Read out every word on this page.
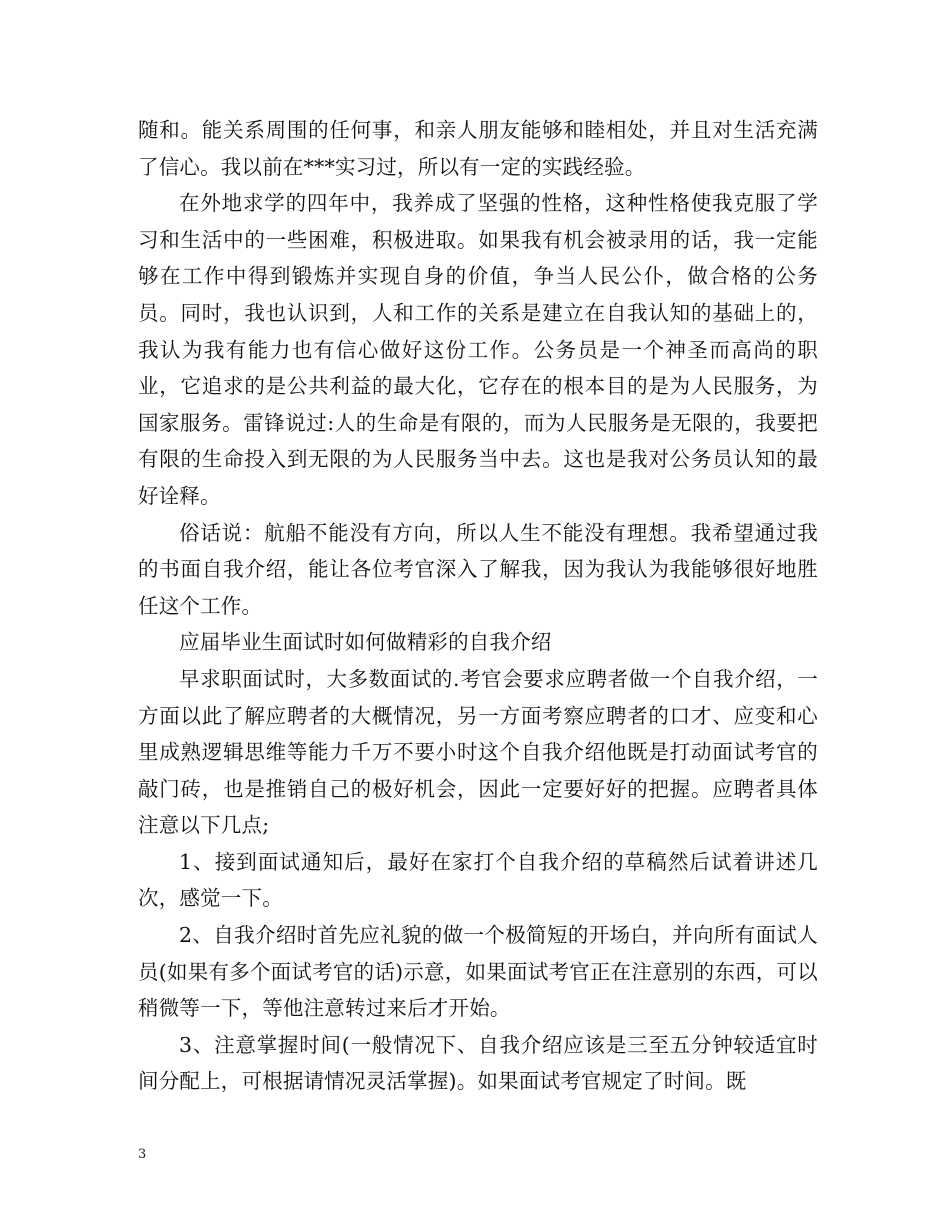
随和。能关系周围的任何事，和亲人朋友能够和睦相处，并且对生活充满了信心。我以前在***实习过，所以有一定的实践经验。

在外地求学的四年中，我养成了坚强的性格，这种性格使我克服了学习和生活中的一些困难，积极进取。如果我有机会被录用的话，我一定能够在工作中得到锻炼并实现自身的价值，争当人民公仆，做合格的公务员。同时，我也认识到，人和工作的关系是建立在自我认知的基础上的，我认为我有能力也有信心做好这份工作。公务员是一个神圣而高尚的职业，它追求的是公共利益的最大化，它存在的根本目的是为人民服务，为国家服务。雷锋说过:人的生命是有限的，而为人民服务是无限的，我要把有限的生命投入到无限的为人民服务当中去。这也是我对公务员认知的最好诠释。

俗话说：航船不能没有方向，所以人生不能没有理想。我希望通过我的书面自我介绍，能让各位考官深入了解我，因为我认为我能够很好地胜任这个工作。

应届毕业生面试时如何做精彩的自我介绍

早求职面试时，大多数面试的.考官会要求应聘者做一个自我介绍，一方面以此了解应聘者的大概情况，另一方面考察应聘者的口才、应变和心里成熟逻辑思维等能力千万不要小时这个自我介绍他既是打动面试考官的敲门砖，也是推销自己的极好机会，因此一定要好好的把握。应聘者具体注意以下几点;

1、接到面试通知后，最好在家打个自我介绍的草稿然后试着讲述几次，感觉一下。

2、自我介绍时首先应礼貌的做一个极简短的开场白，并向所有面试人员(如果有多个面试考官的话)示意，如果面试考官正在注意别的东西，可以稍微等一下，等他注意转过来后才开始。

3、注意掌握时间(一般情况下、自我介绍应该是三至五分钟较适宜时间分配上，可根据请情况灵活掌握)。如果面试考官规定了时间。既

3
